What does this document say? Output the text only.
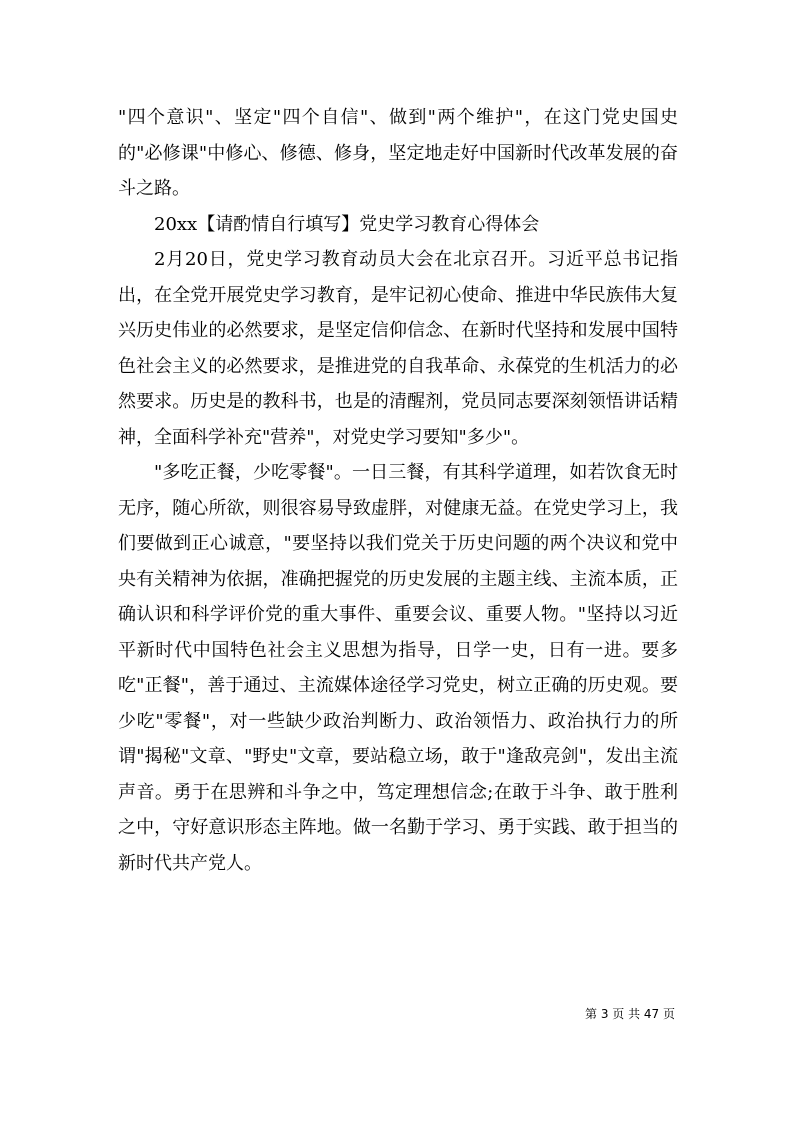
"四个意识"、坚定"四个自信"、做到"两个维护"，在这门党史国史的"必修课"中修心、修德、修身，坚定地走好中国新时代改革发展的奋斗之路。

20xx【请酌情自行填写】党史学习教育心得体会

2月20日，党史学习教育动员大会在北京召开。习近平总书记指出，在全党开展党史学习教育，是牢记初心使命、推进中华民族伟大复兴历史伟业的必然要求，是坚定信仰信念、在新时代坚持和发展中国特色社会主义的必然要求，是推进党的自我革命、永葆党的生机活力的必然要求。历史是的教科书，也是的清醒剂，党员同志要深刻领悟讲话精神，全面科学补充"营养"，对党史学习要知"多少"。

"多吃正餐，少吃零餐"。一日三餐，有其科学道理，如若饮食无时无序，随心所欲，则很容易导致虚胖，对健康无益。在党史学习上，我们要做到正心诚意，"要坚持以我们党关于历史问题的两个决议和党中央有关精神为依据，准确把握党的历史发展的主题主线、主流本质，正确认识和科学评价党的重大事件、重要会议、重要人物。"坚持以习近平新时代中国特色社会主义思想为指导，日学一史，日有一进。要多吃"正餐"，善于通过、主流媒体途径学习党史，树立正确的历史观。要少吃"零餐"，对一些缺少政治判断力、政治领悟力、政治执行力的所谓"揭秘"文章、"野史"文章，要站稳立场，敢于"逢敌亮剑"，发出主流声音。勇于在思辨和斗争之中，笃定理想信念;在敢于斗争、敢于胜利之中，守好意识形态主阵地。做一名勤于学习、勇于实践、敢于担当的新时代共产党人。

第 3 页 共 47 页
